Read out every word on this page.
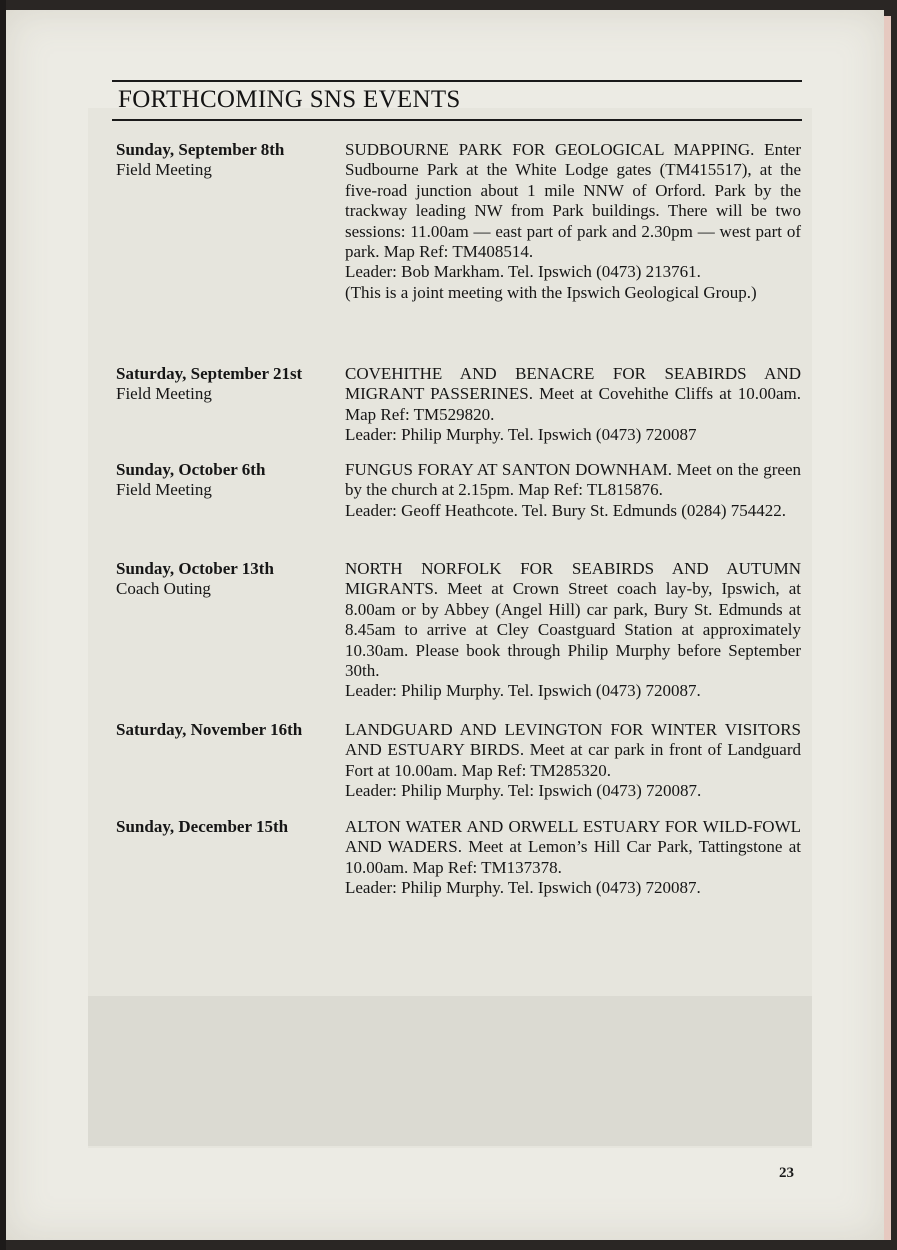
FORTHCOMING SNS EVENTS
Sunday, September 8th
Field Meeting
SUDBOURNE PARK FOR GEOLOGICAL MAPPING. Enter Sudbourne Park at the White Lodge gates (TM415517), at the five-road junction about 1 mile NNW of Orford. Park by the trackway leading NW from Park buildings. There will be two sessions: 11.00am — east part of park and 2.30pm — west part of park. Map Ref: TM408514.
Leader: Bob Markham. Tel. Ipswich (0473) 213761.
(This is a joint meeting with the Ipswich Geological Group.)
Saturday, September 21st
Field Meeting
COVEHITHE AND BENACRE FOR SEABIRDS AND MIGRANT PASSERINES. Meet at Covehithe Cliffs at 10.00am. Map Ref: TM529820.
Leader: Philip Murphy. Tel. Ipswich (0473) 720087
Sunday, October 6th
Field Meeting
FUNGUS FORAY AT SANTON DOWNHAM. Meet on the green by the church at 2.15pm. Map Ref: TL815876.
Leader: Geoff Heathcote. Tel. Bury St. Edmunds (0284) 754422.
Sunday, October 13th
Coach Outing
NORTH NORFOLK FOR SEABIRDS AND AUTUMN MIGRANTS. Meet at Crown Street coach lay-by, Ipswich, at 8.00am or by Abbey (Angel Hill) car park, Bury St. Edmunds at 8.45am to arrive at Cley Coastguard Station at approximately 10.30am. Please book through Philip Murphy before September 30th.
Leader: Philip Murphy. Tel. Ipswich (0473) 720087.
Saturday, November 16th	LANDGUARD AND LEVINGTON FOR WINTER VISITORS AND ESTUARY BIRDS. Meet at car park in front of Landguard Fort at 10.00am. Map Ref: TM285320.
Leader: Philip Murphy. Tel: Ipswich (0473) 720087.
Sunday, December 15th	ALTON WATER AND ORWELL ESTUARY FOR WILD-FOWL AND WADERS. Meet at Lemon’s Hill Car Park, Tattingstone at 10.00am. Map Ref: TM137378.
Leader: Philip Murphy. Tel. Ipswich (0473) 720087.
23
